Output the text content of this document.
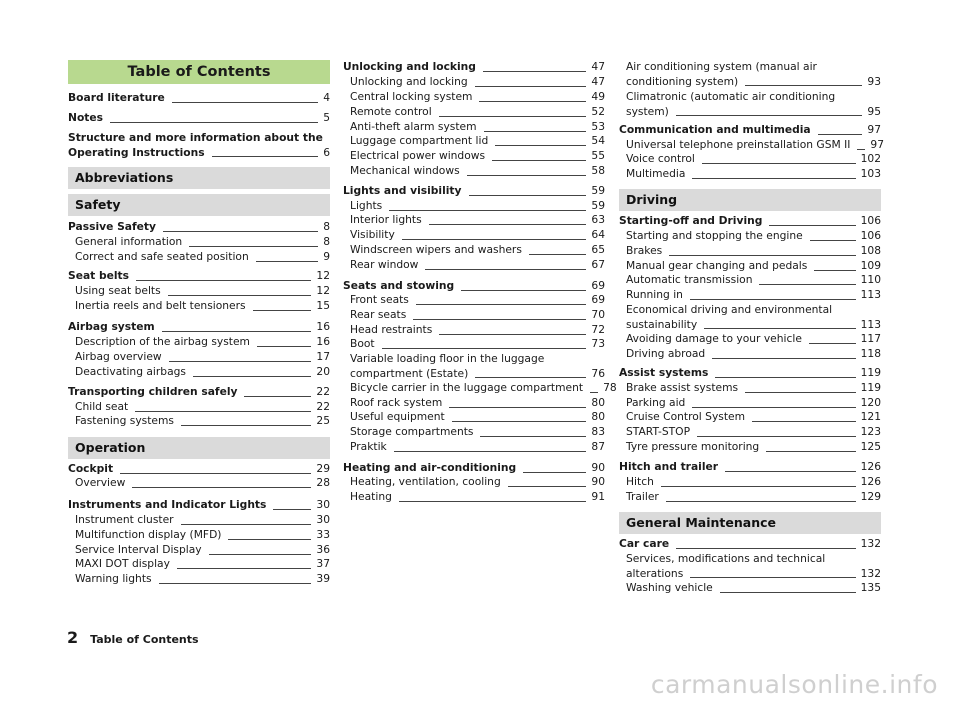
Table of Contents
Board literature	4
Notes	5
Structure and more information about the
Operating Instructions	6
Abbreviations
Safety
Passive Safety	8
General information	8
Correct and safe seated position	9
Seat belts	12
Using seat belts	12
Inertia reels and belt tensioners	15
Airbag system	16
Description of the airbag system	16
Airbag overview	17
Deactivating airbags	20
Transporting children safely	22
Child seat	22
Fastening systems	25
Operation
Cockpit	29
Overview	28
Instruments and Indicator Lights	30
Instrument cluster	30
Multifunction display (MFD)	33
Service Interval Display	36
MAXI DOT display	37
Warning lights	39
Unlocking and locking	47
Unlocking and locking	47
Central locking system	49
Remote control	52
Anti-theft alarm system	53
Luggage compartment lid	54
Electrical power windows	55
Mechanical windows	58
Lights and visibility	59
Lights	59
Interior lights	63
Visibility	64
Windscreen wipers and washers	65
Rear window	67
Seats and stowing	69
Front seats	69
Rear seats	70
Head restraints	72
Boot	73
Variable loading floor in the luggage
compartment (Estate)	76
Bicycle carrier in the luggage compartment 78
Roof rack system	80
Useful equipment	80
Storage compartments	83
Praktik	87
Heating and air-conditioning	90
Heating, ventilation, cooling	90
Heating	91
Air conditioning system (manual air
conditioning system)	93
Climatronic (automatic air conditioning
system)	95
Communication and multimedia	97
Universal telephone preinstallation GSM II 97
Voice control	102
Multimedia	103
Driving
Starting-off and Driving	106
Starting and stopping the engine	106
Brakes	108
Manual gear changing and pedals	109
Automatic transmission	110
Running in	113
Economical driving and environmental
sustainability	113
Avoiding damage to your vehicle	117
Driving abroad	118
Assist systems	119
Brake assist systems	119
Parking aid	120
Cruise Control System	121
START-STOP	123
Tyre pressure monitoring	125
Hitch and trailer	126
Hitch	126
Trailer	129
General Maintenance
Car care	132
Services, modifications and technical
alterations	132
Washing vehicle	135
2 Table of Contents
carmanualsonline.info
